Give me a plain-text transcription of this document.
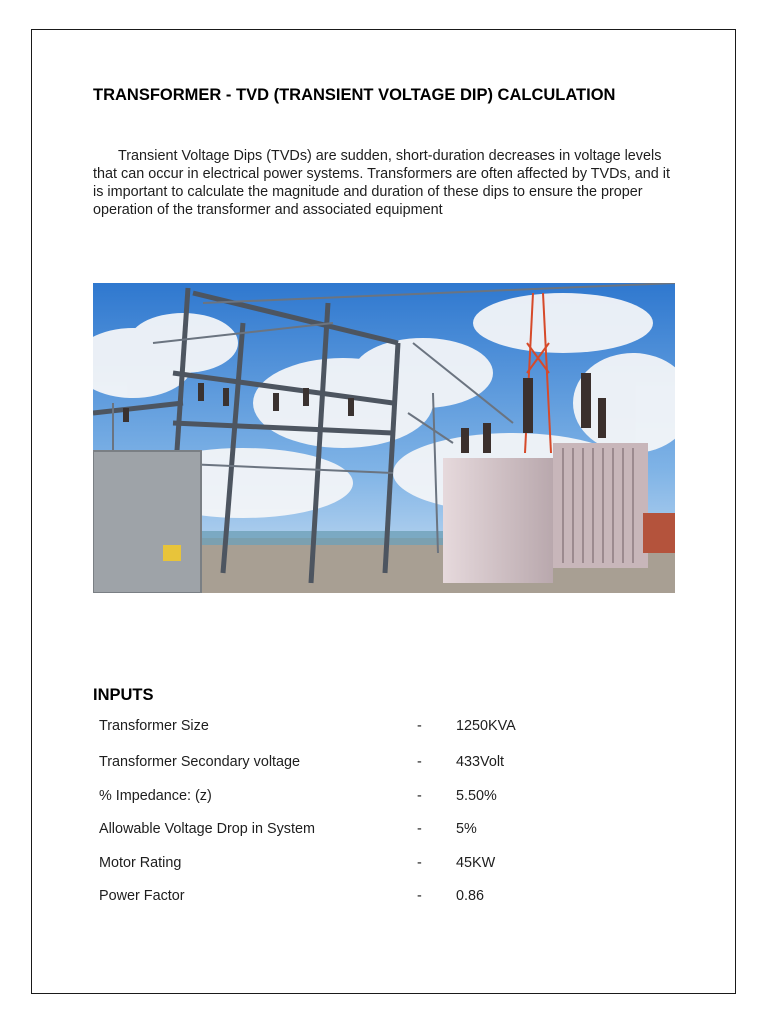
TRANSFORMER - TVD (TRANSIENT VOLTAGE DIP) CALCULATION
Transient Voltage Dips (TVDs) are sudden, short-duration decreases in voltage levels that can occur in electrical power systems. Transformers are often affected by TVDs, and it is important to calculate the magnitude and duration of these dips to ensure the proper operation of the transformer and associated equipment
INPUTS
Transformer Size	- 1250KVA
Transformer Secondary voltage	- 433Volt
% Impedance: (z)	- 5.50%
Allowable Voltage Drop in System	- 5%
Motor Rating	- 45KW
Power Factor	- 0.86
